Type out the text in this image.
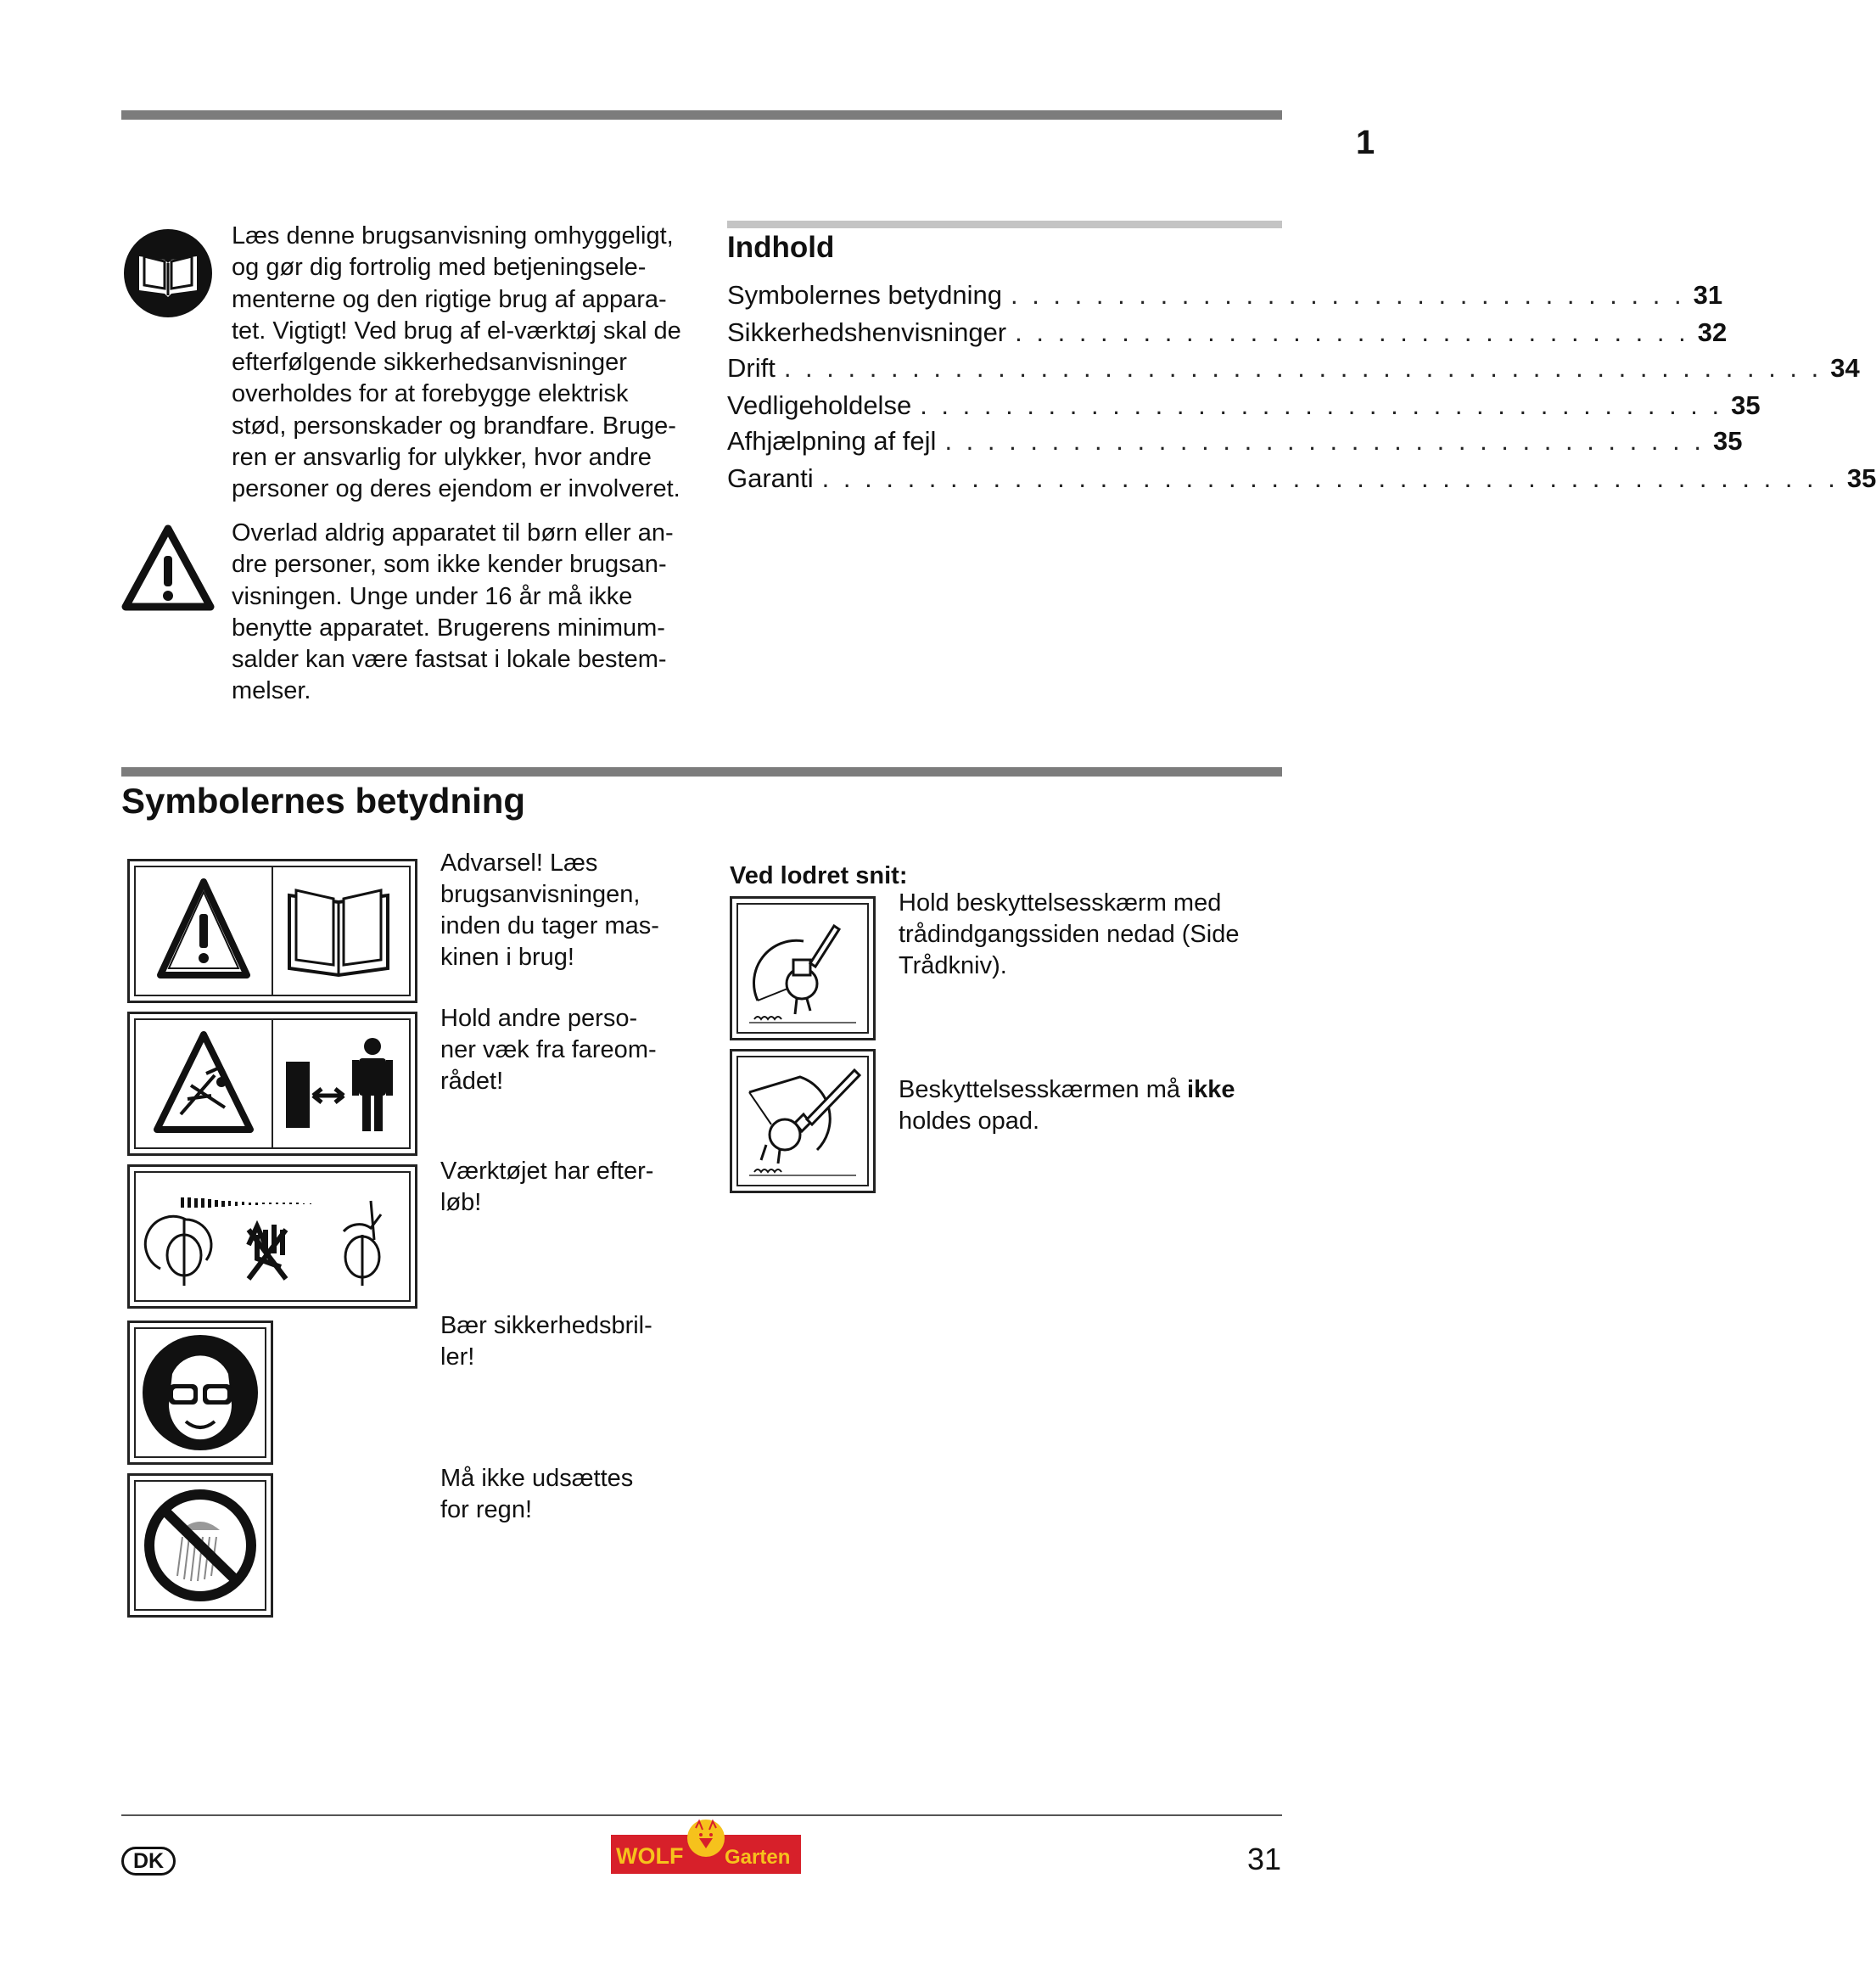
1
Læs denne brugsanvisning omhyggeligt,
og gør dig fortrolig med betjeningsele-
menterne og den rigtige brug af appara-
tet. Vigtigt! Ved brug af el-værktøj skal de
efterfølgende sikkerhedsanvisninger
overholdes for at forebygge elektrisk
stød, personskader og brandfare. Bruge-
ren er ansvarlig for ulykker, hvor andre
personer og deres ejendom er involveret.
Overlad aldrig apparatet til børn eller an-
dre personer, som ikke kender brugsan-
visningen. Unge under 16 år må ikke
benytte apparatet. Brugerens minimum-
salder kan være fastsat i lokale bestem-
melser.
Indhold
Symbolernes betydning . . . . . . . . . . . . . . . . . . . . . . . . . . . . . . . . 31
Sikkerhedshenvisninger . . . . . . . . . . . . . . . . . . . . . . . . . . . . . . . . 32
Drift . . . . . . . . . . . . . . . . . . . . . . . . . . . . . . . . . . . . . . . . . . . . . . . . . 34
Vedligeholdelse . . . . . . . . . . . . . . . . . . . . . . . . . . . . . . . . . . . . . . 35
Afhjælpning af fejl . . . . . . . . . . . . . . . . . . . . . . . . . . . . . . . . . . . . 35
Garanti . . . . . . . . . . . . . . . . . . . . . . . . . . . . . . . . . . . . . . . . . . . . . . . . 35
Symbolernes betydning
Advarsel! Læs
brugsanvisningen,
inden du tager mas-
kinen i brug!
Hold andre perso-
ner væk fra fareom-
rådet!
Værktøjet har efter-
løb!
Bær sikkerhedsbril-
ler!
Må ikke udsættes
for regn!
Ved lodret snit:
Hold beskyttelsesskærm med
trådindgangssiden nedad (Side
Trådkniv).

Beskyttelsesskærmen må ikke
holdes opad.

DK	WOLF Garten	31
